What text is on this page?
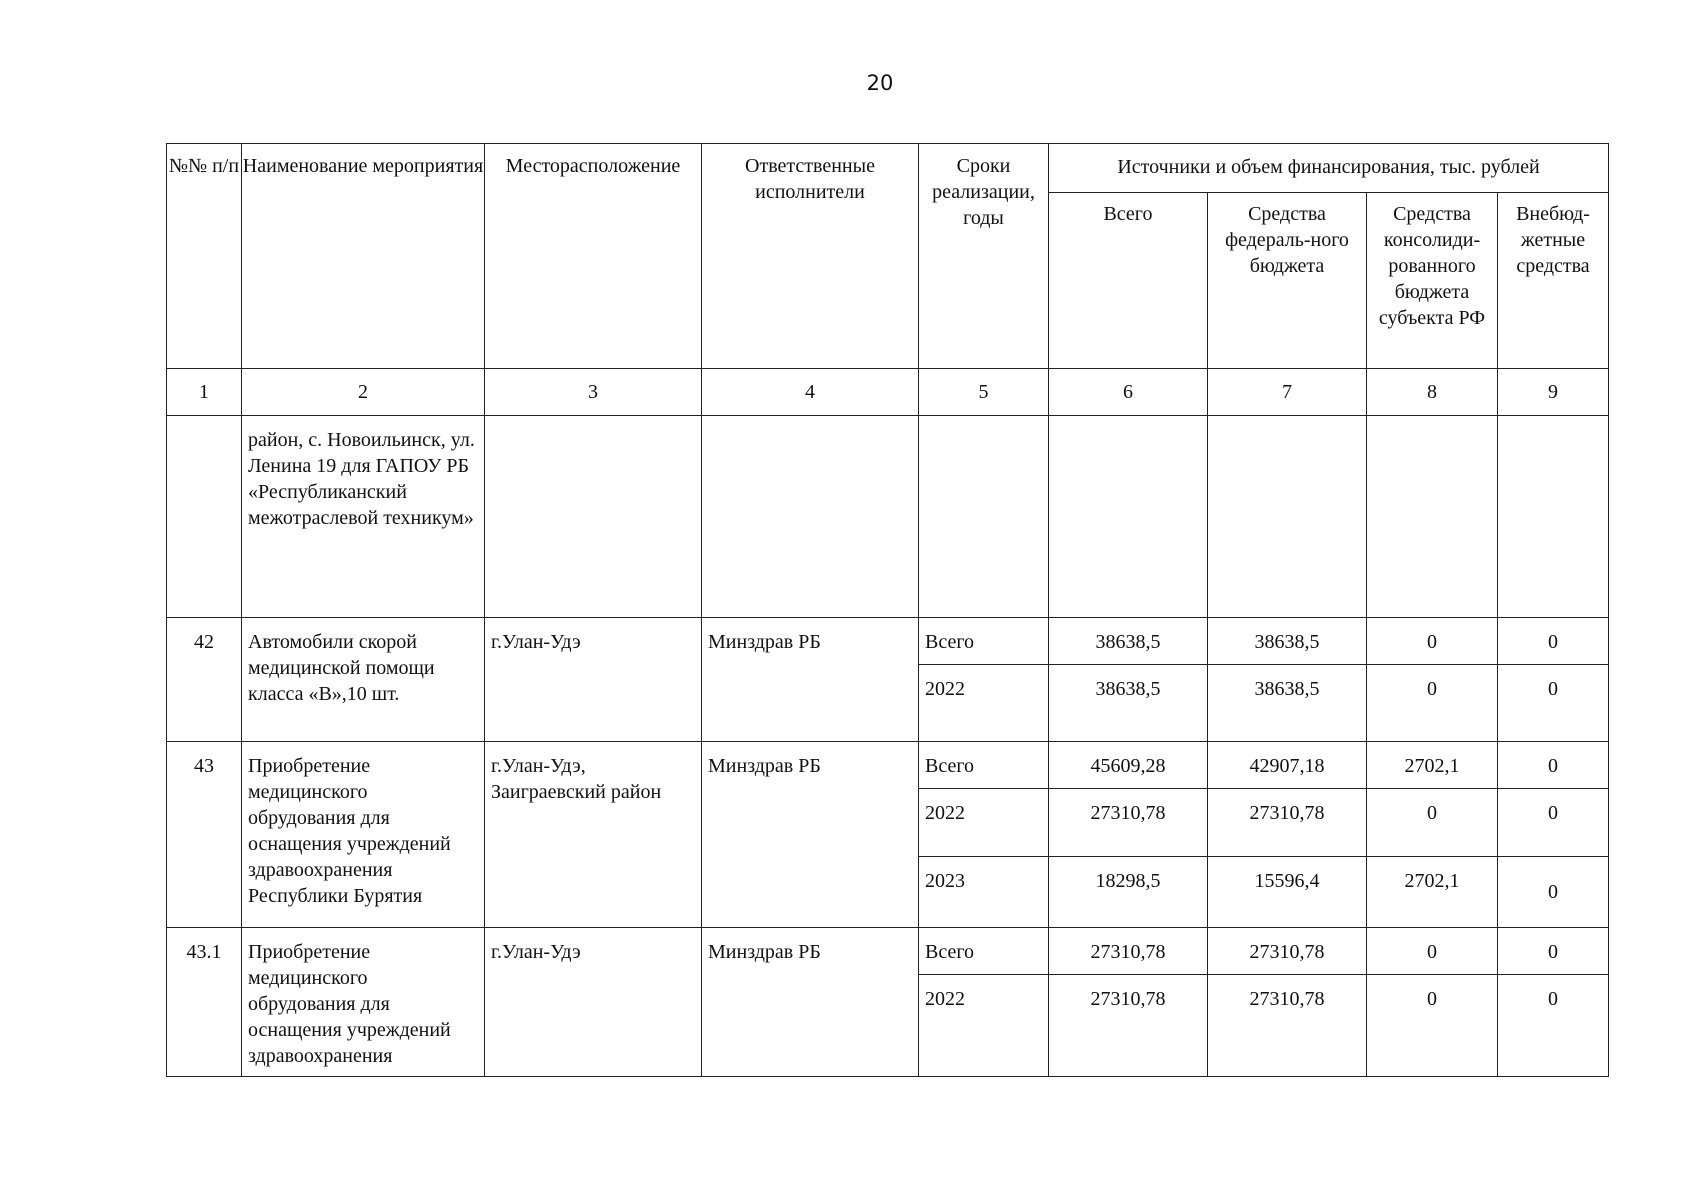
20
№№ п/п	Наименование мероприятия	Месторасположение	Ответственные исполнители	Сроки реализации, годы	Источники и объем финансирования, тыс. рублей			
					Всего	Средства федераль-ного бюджета	Средства консолиди-рованного бюджета субъекта РФ	Внебюд-жетные средства
1	2	3	4	5	6	7	8	9
	район, с. Новоильинск, ул. Ленина 19 для ГАПОУ РБ «Республиканский межотраслевой техникум»							
42	Автомобили скорой медицинской помощи класса «В»,10 шт.	г.Улан-Удэ	Минздрав РБ	Всего	38638,5	38638,5	0	0
				2022	38638,5	38638,5	0	0
43	Приобретение медицинского обрудования для оснащения учреждений здравоохранения Республики Бурятия	г.Улан-Удэ, Заиграевский район	Минздрав РБ	Всего	45609,28	42907,18	2702,1	0
				2022	27310,78	27310,78	0	0
				2023	18298,5	15596,4	2702,1	0
43.1	Приобретение медицинского обрудования для оснащения учреждений здравоохранения	г.Улан-Удэ	Минздрав РБ	Всего	27310,78	27310,78	0	0
				2022	27310,78	27310,78	0	0
